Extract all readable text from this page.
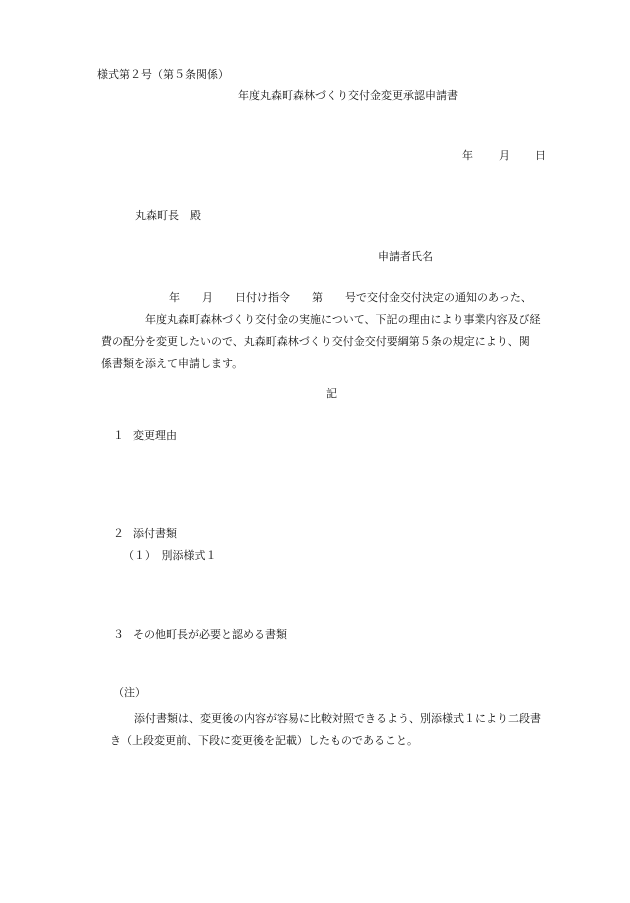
様式第２号（第５条関係）
年度丸森町森林づくり交付金変更承認申請書
年 月 日
丸森町長　殿
申請者氏名
年　　月　　日付け指令　　第　　号で交付金交付決定の通知のあった、
年度丸森町森林づくり交付金の実施について、下記の理由により事業内容及び経
費の配分を変更したいので、丸森町森林づくり交付金交付要綱第５条の規定により、関
係書類を添えて申請します。
記
１ 変更理由
２ 添付書類
（１）　別添様式１
３ その他町長が必要と認める書類
（注）
添付書類は、変更後の内容が容易に比較対照できるよう、別添様式１により二段書
き（上段変更前、下段に変更後を記載）したものであること。
